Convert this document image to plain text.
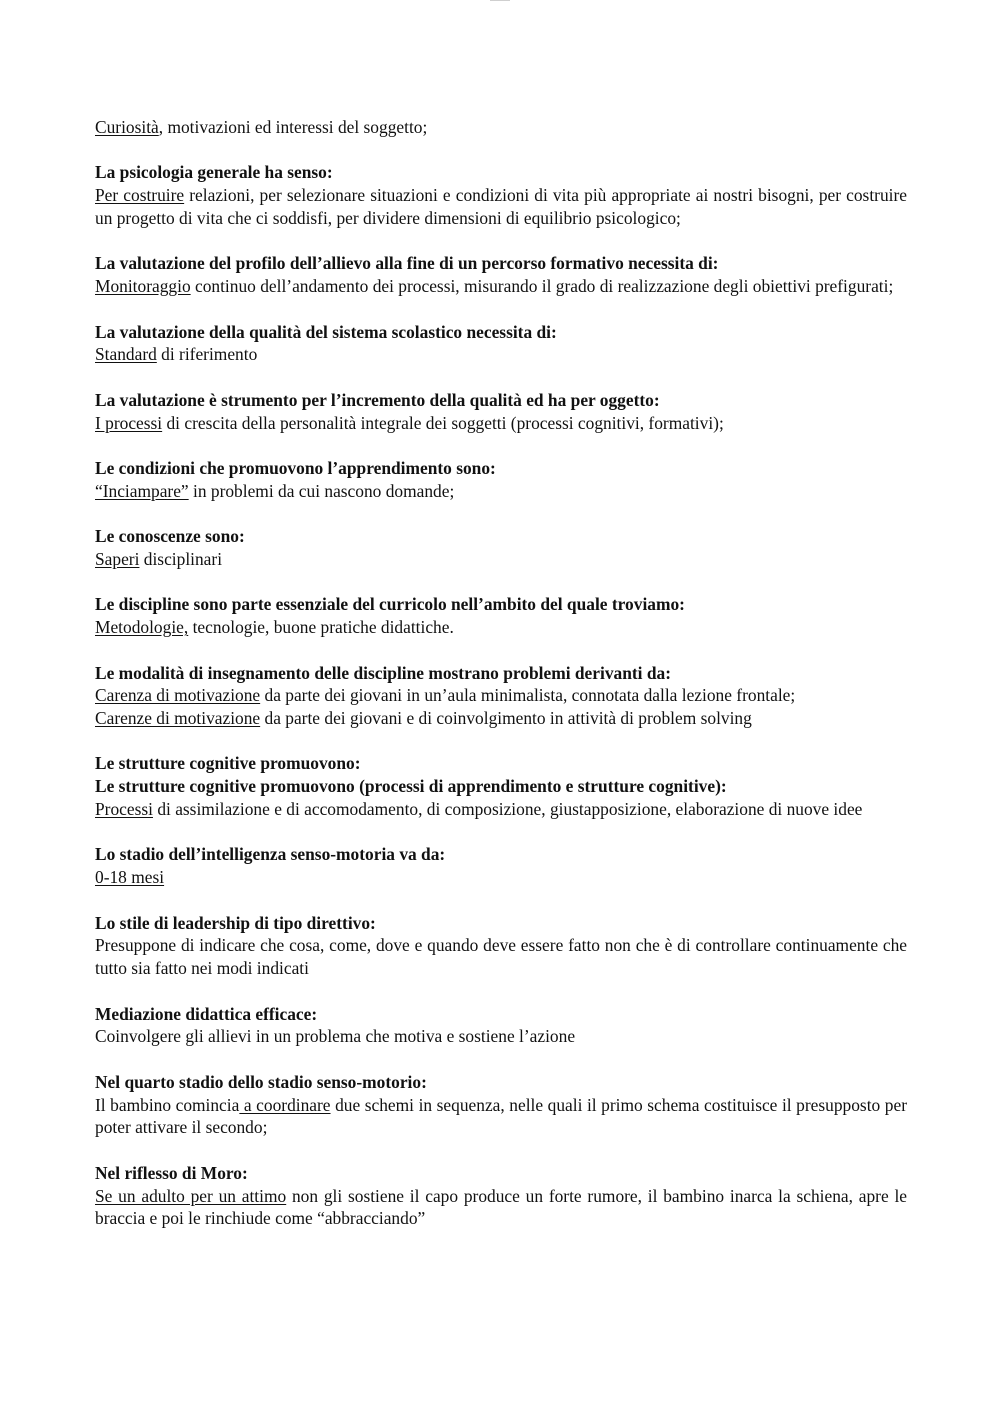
Curiosità, motivazioni ed interessi del soggetto;
La psicologia generale ha senso:
Per costruire relazioni, per selezionare situazioni e condizioni di vita più appropriate ai nostri bisogni, per costruire un progetto di vita che ci soddisfi, per dividere dimensioni di equilibrio psicologico;
La valutazione del profilo dell’allievo alla fine di un percorso formativo necessita di:
Monitoraggio continuo dell’andamento dei processi, misurando il grado di realizzazione degli obiettivi prefigurati;
La valutazione della qualità del sistema scolastico necessita di:
Standard di riferimento
La valutazione è strumento per l’incremento della qualità ed ha per oggetto:
I processi di crescita della personalità integrale dei soggetti (processi cognitivi, formativi);
Le condizioni che promuovono l’apprendimento sono:
“Inciampare” in problemi da cui nascono domande;
Le conoscenze sono:
Saperi disciplinari
Le discipline sono parte essenziale del curricolo nell’ambito del quale troviamo:
Metodologie, tecnologie, buone pratiche didattiche.
Le modalità di insegnamento delle discipline mostrano problemi derivanti da:
Carenza di motivazione da parte dei giovani in un’aula minimalista, connotata dalla lezione frontale;
Carenze di motivazione da parte dei giovani e di coinvolgimento in attività di problem solving
Le strutture cognitive promuovono:
Le strutture cognitive promuovono (processi di apprendimento e strutture cognitive):
Processi di assimilazione e di accomodamento, di composizione, giustapposizione, elaborazione di nuove idee
Lo stadio dell’intelligenza senso-motoria va da:
0-18 mesi
Lo stile di leadership di tipo direttivo:
Presuppone di indicare che cosa, come, dove e quando deve essere fatto non che è di controllare continuamente che tutto sia fatto nei modi indicati
Mediazione didattica efficace:
Coinvolgere gli allievi in un problema che motiva e sostiene l’azione
Nel quarto stadio dello stadio senso-motorio:
Il bambino comincia a coordinare due schemi in sequenza, nelle quali il primo schema costituisce il presupposto per poter attivare il secondo;
Nel riflesso di Moro:
Se un adulto per un attimo non gli sostiene il capo produce un forte rumore, il bambino inarca la schiena, apre le braccia e poi le rinchiude come “abbracciando”
